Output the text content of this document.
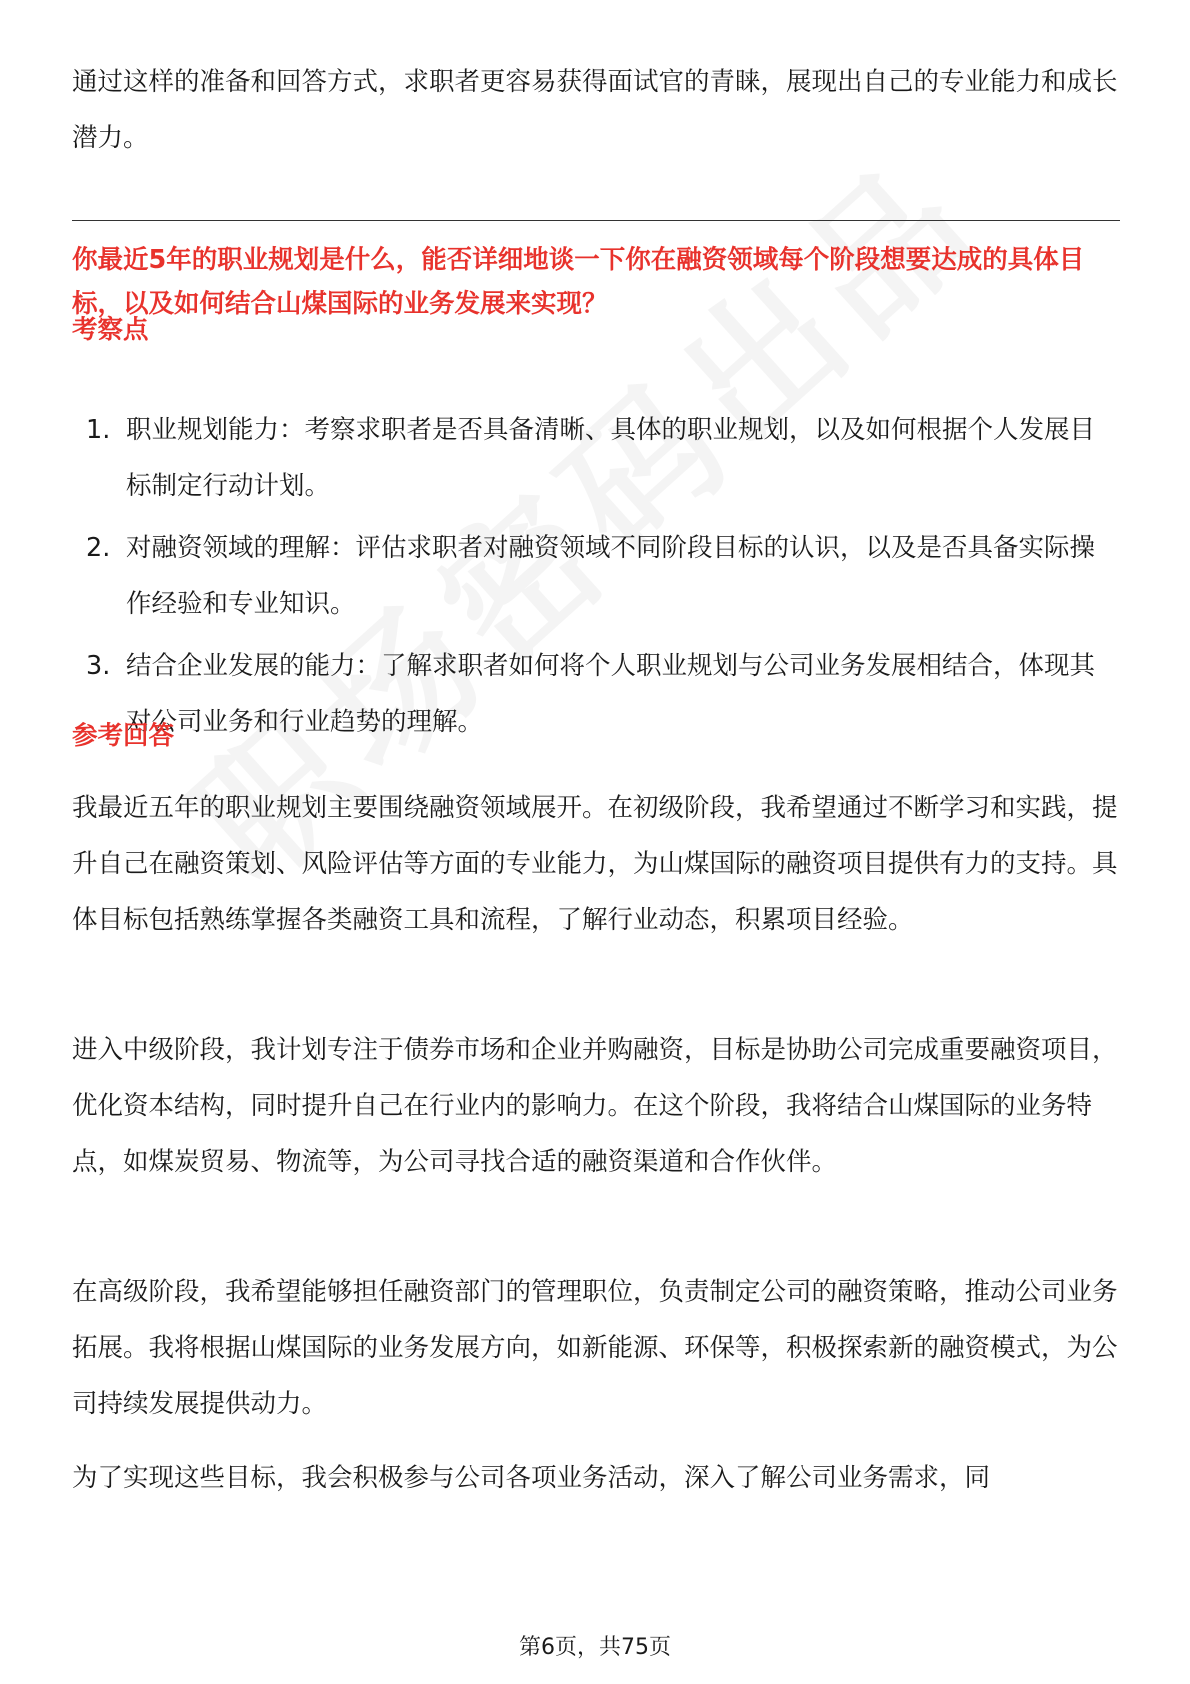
通过这样的准备和回答方式，求职者更容易获得面试官的青睐，展现出自己的专业能力和成长潜力。

你最近5年的职业规划是什么，能否详细地谈一下你在融资领域每个阶段想要达成的具体目标，以及如何结合山煤国际的业务发展来实现？

考察点

1. 职业规划能力：考察求职者是否具备清晰、具体的职业规划，以及如何根据个人发展目标制定行动计划。
2. 对融资领域的理解：评估求职者对融资领域不同阶段目标的认识，以及是否具备实际操作经验和专业知识。
3. 结合企业发展的能力：了解求职者如何将个人职业规划与公司业务发展相结合，体现其对公司业务和行业趋势的理解。

参考回答

我最近五年的职业规划主要围绕融资领域展开。在初级阶段，我希望通过不断学习和实践，提升自己在融资策划、风险评估等方面的专业能力，为山煤国际的融资项目提供有力的支持。具体目标包括熟练掌握各类融资工具和流程，了解行业动态，积累项目经验。

进入中级阶段，我计划专注于债券市场和企业并购融资，目标是协助公司完成重要融资项目，优化资本结构，同时提升自己在行业内的影响力。在这个阶段，我将结合山煤国际的业务特点，如煤炭贸易、物流等，为公司寻找合适的融资渠道和合作伙伴。

在高级阶段，我希望能够担任融资部门的管理职位，负责制定公司的融资策略，推动公司业务拓展。我将根据山煤国际的业务发展方向，如新能源、环保等，积极探索新的融资模式，为公司持续发展提供动力。

为了实现这些目标，我会积极参与公司各项业务活动，深入了解公司业务需求，同

第6页，共75页
